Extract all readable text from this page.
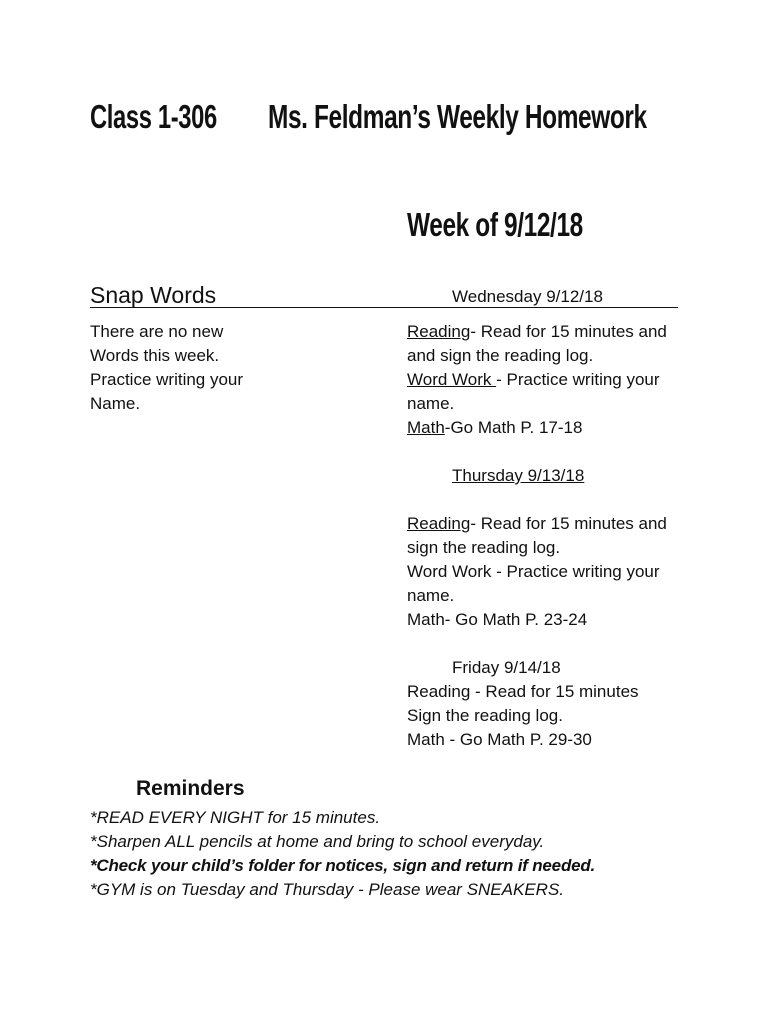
Class 1-306 Ms. Feldman’s Weekly Homework
Week of 9/12/18
Snap Words	Wednesday 9/12/18
There are no new
Words this week.
Practice writing your
Name.
Reading- Read for 15 minutes and
and sign the reading log.
Word Work - Practice writing your
name.
Math-Go Math P. 17-18
Thursday 9/13/18
Reading- Read for 15 minutes and
sign the reading log.
Word Work - Practice writing your
name.
Math- Go Math P. 23-24
Friday 9/14/18
Reading - Read for 15 minutes
Sign the reading log.
Math - Go Math P. 29-30
Reminders
*READ EVERY NIGHT for 15 minutes.
*Sharpen ALL pencils at home and bring to school everyday.
*Check your child’s folder for notices, sign and return if needed.
*GYM is on Tuesday and Thursday - Please wear SNEAKERS.
